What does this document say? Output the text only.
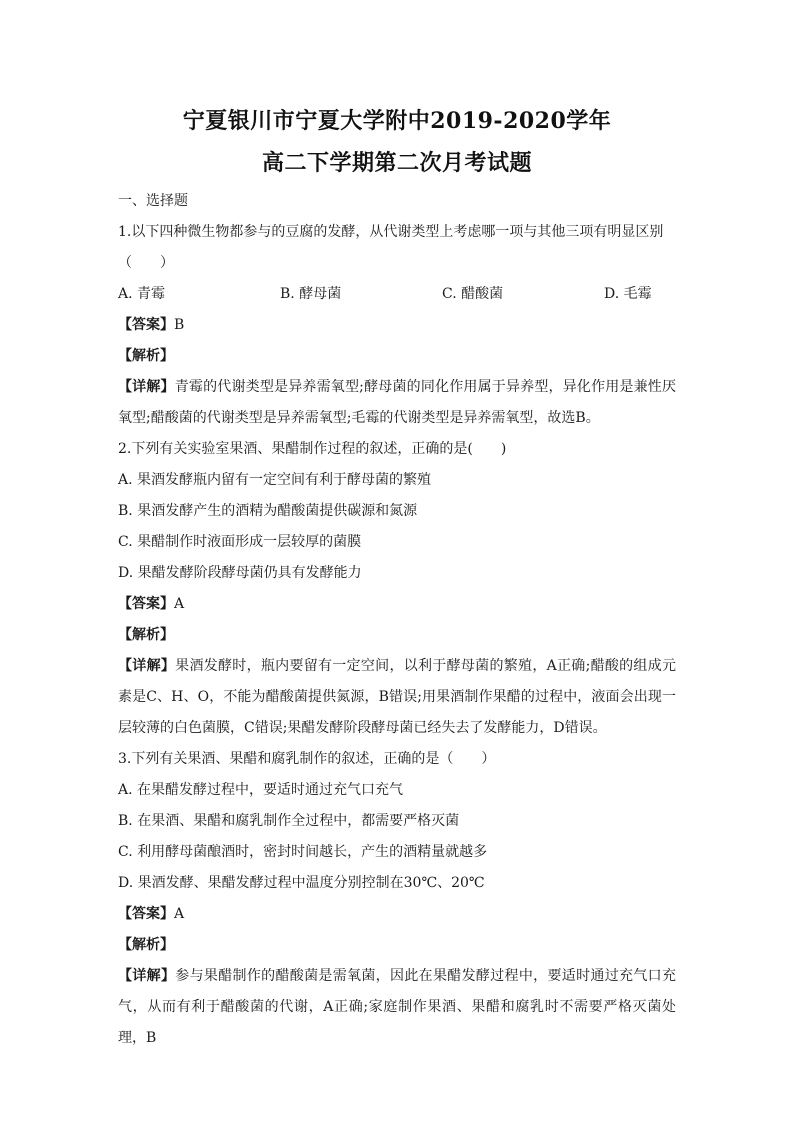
宁夏银川市宁夏大学附中2019-2020学年
高二下学期第二次月考试题
一、选择题
1.以下四种微生物都参与的豆腐的发酵，从代谢类型上考虑哪一项与其他三项有明显区别
（　　）
A. 青霉	B. 酵母菌	C. 醋酸菌	D. 毛霉
【答案】B
【解析】
【详解】青霉的代谢类型是异养需氧型;酵母菌的同化作用属于异养型，异化作用是兼性厌氧型;醋酸菌的代谢类型是异养需氧型;毛霉的代谢类型是异养需氧型，故选B。
2.下列有关实验室果酒、果醋制作过程的叙述，正确的是(　　)
A. 果酒发酵瓶内留有一定空间有利于酵母菌的繁殖
B. 果酒发酵产生的酒精为醋酸菌提供碳源和氮源
C. 果醋制作时液面形成一层较厚的菌膜
D. 果醋发酵阶段酵母菌仍具有发酵能力
【答案】A
【解析】
【详解】果酒发酵时，瓶内要留有一定空间，以利于酵母菌的繁殖，A正确;醋酸的组成元素是C、H、O，不能为醋酸菌提供氮源，B错误;用果酒制作果醋的过程中，液面会出现一层较薄的白色菌膜，C错误;果醋发酵阶段酵母菌已经失去了发酵能力，D错误。
3.下列有关果酒、果醋和腐乳制作的叙述，正确的是（　　）
A. 在果醋发酵过程中，要适时通过充气口充气
B. 在果酒、果醋和腐乳制作全过程中，都需要严格灭菌
C. 利用酵母菌酿酒时，密封时间越长，产生的酒精量就越多
D. 果酒发酵、果醋发酵过程中温度分别控制在30℃、20℃
【答案】A
【解析】
【详解】参与果醋制作的醋酸菌是需氧菌，因此在果醋发酵过程中，要适时通过充气口充气，从而有利于醋酸菌的代谢，A正确;家庭制作果酒、果醋和腐乳时不需要严格灭菌处理，B
